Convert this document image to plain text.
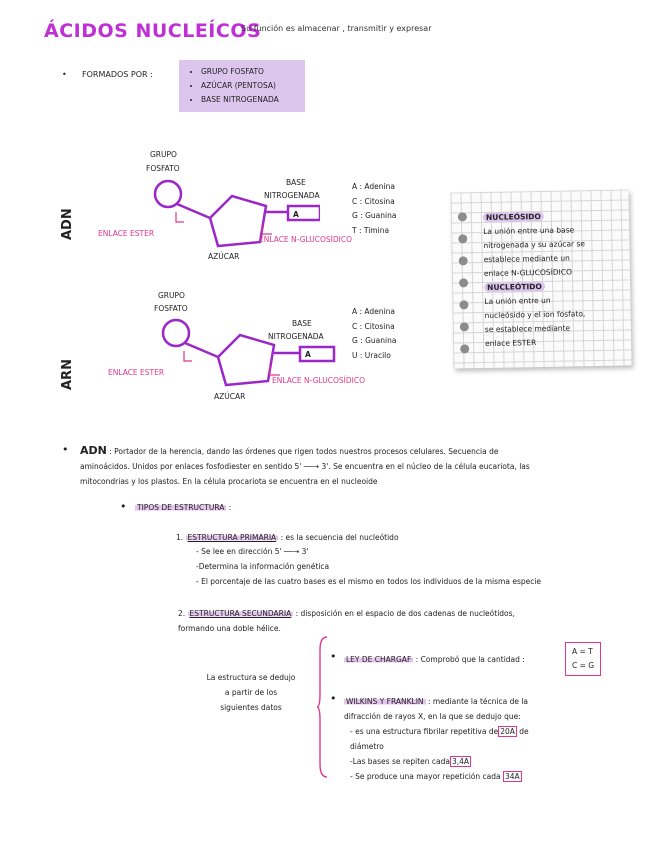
ÁCIDOS NUCLEÍCOS
Su función es almacenar , transmitir y expresar
• FORMADOS POR :
•	GRUPO FOSFATO
• AZÚCAR (PENTOSA)
• BASE NITROGENADA
ADN
GRUPO
FOSFATO
BASE
NITROGENADA
A
ENLACE ESTER
ENLACE N-GLUCOSÍDICO
AZÚCAR
A : Adenina
C : Citosina
G : Guanina
T : Timina
ARN
GRUPO
FOSFATO
BASE
NITROGENADA
A
ENLACE ESTER
ENLACE N-GLUCOSÍDICO
AZÚCAR
A : Adenina
C : Citosina
G : Guanina
U : Uracilo
NUCLEÓSIDO
La unión entre una base
nitrogenada y su azúcar se
establece mediante un
enlace N-GLUCOSÍDICO
NUCLEÓTIDO
La unión entre un
nucleósido y el ion fosfato,
se establece mediante
enlace ESTER
• ADN : Portador de la herencia, dando las órdenes que rigen todos nuestros procesos celulares. Secuencia de
aminoácidos. Unidos por enlaces fosfodiester en sentido 5' ──→ 3'. Se encuentra en el núcleo de la célula eucariota, las
mitocondrias y los plastos. En la célula procariota se encuentra en el nucleoide
• TIPOS DE ESTRUCTURA :
1. ESTRUCTURA PRIMARIA : es la secuencia del nucleótido
- Se lee en dirección 5' ──→ 3'
-Determina la información genética
- El porcentaje de las cuatro bases es el mismo en todos los individuos de la misma especie
2. ESTRUCTURA SECUNDARIA : disposición en el espacio de dos cadenas de nucleótidos,
formando una doble hélice.
La estructura se dedujo
a partir de los
siguientes datos
• LEY DE CHARGAF : Comprobó que la cantidad :
A = T
C = G
• WILKINS Y FRANKLIN : mediante la técnica de la
difracción de rayos X, en la que se dedujo que:
- es una estructura fibrilar repetitiva de 20A de
diámetro
-Las bases se repiten cada 3,4A
- Se produce una mayor repetición cada 34A
